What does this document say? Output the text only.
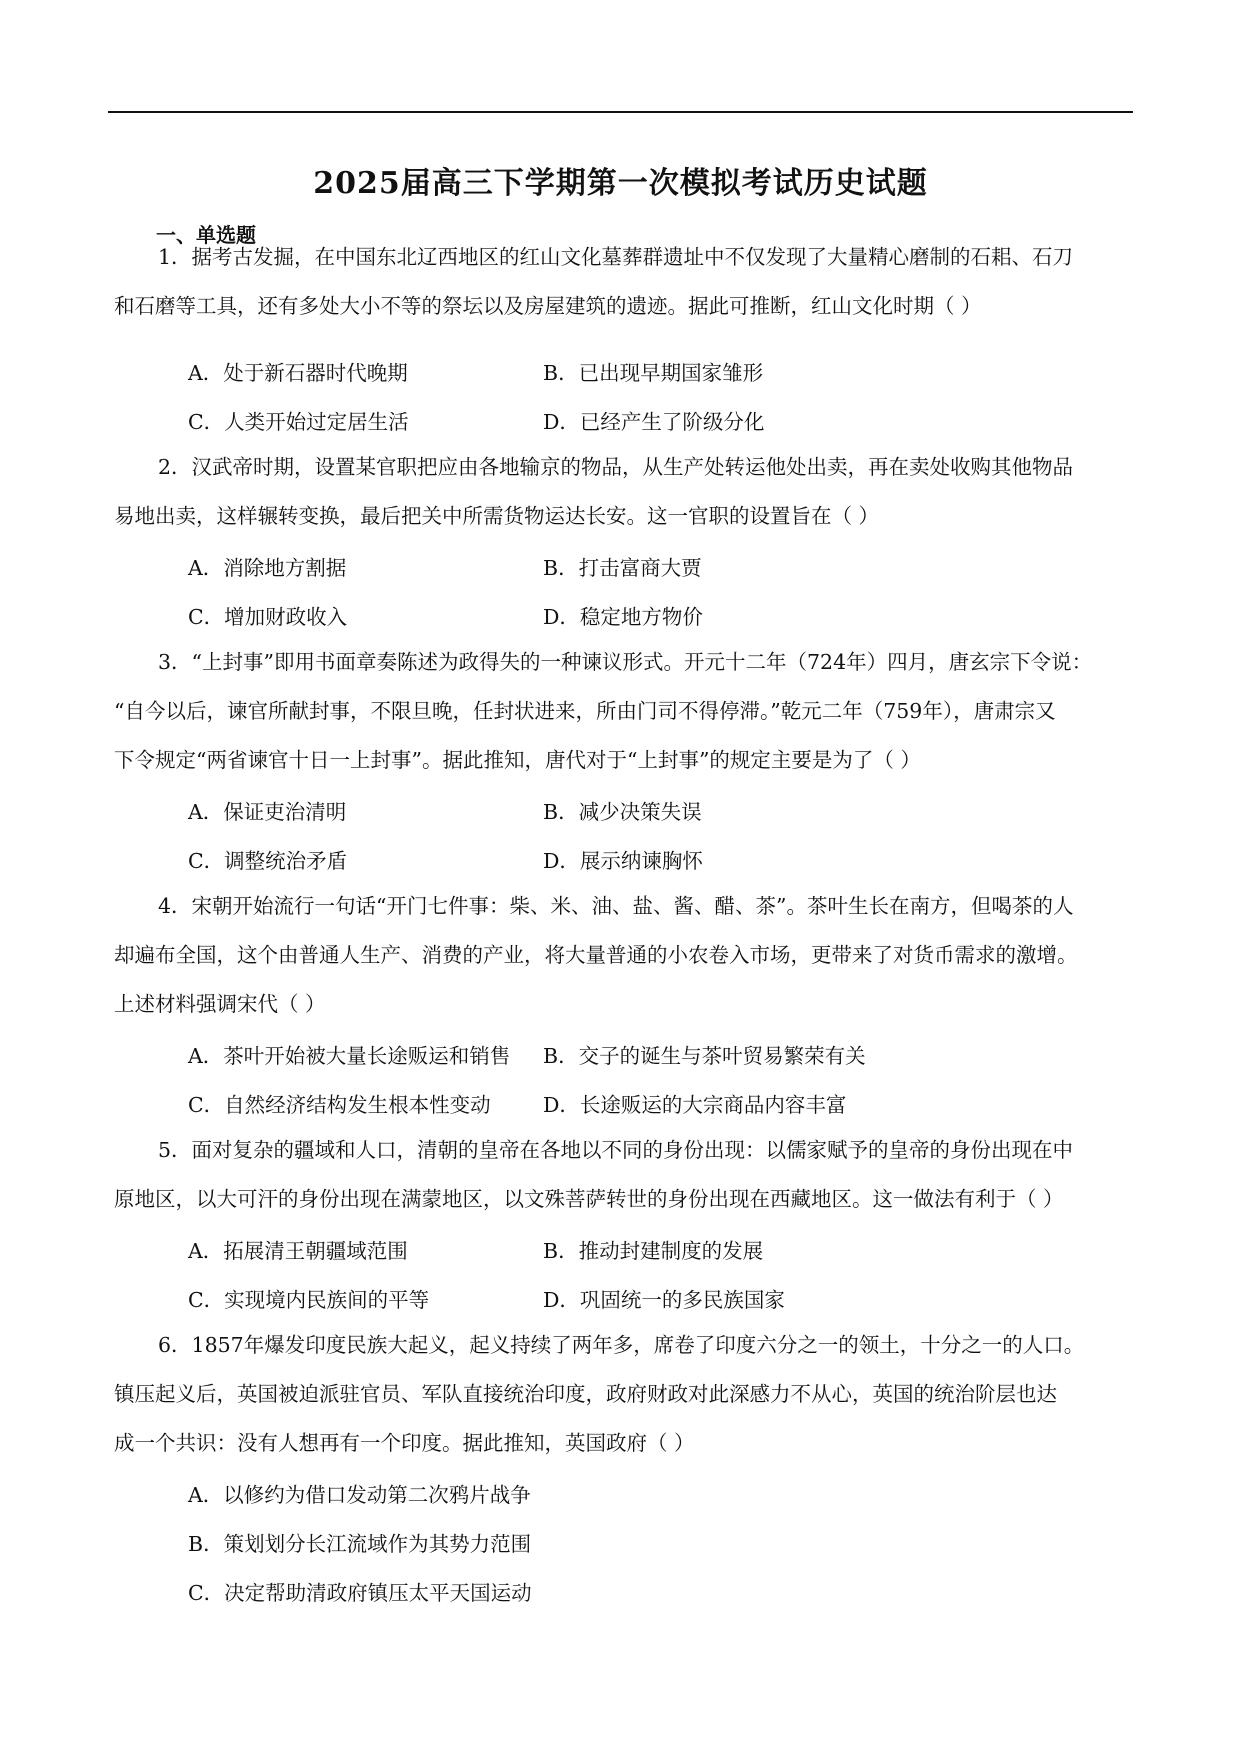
2025届高三下学期第一次模拟考试历史试题
一、单选题
1．据考古发掘，在中国东北辽西地区的红山文化墓葬群遗址中不仅发现了大量精心磨制的石耜、石刀
和石磨等工具，还有多处大小不等的祭坛以及房屋建筑的遗迹。据此可推断，红山文化时期（ ）
A．处于新石器时代晚期	B．已出现早期国家雏形
C．人类开始过定居生活	D．已经产生了阶级分化
2．汉武帝时期，设置某官职把应由各地输京的物品，从生产处转运他处出卖，再在卖处收购其他物品
易地出卖，这样辗转变换，最后把关中所需货物运达长安。这一官职的设置旨在（ ）
A．消除地方割据	B．打击富商大贾
C．增加财政收入	D．稳定地方物价
3．“上封事”即用书面章奏陈述为政得失的一种谏议形式。开元十二年（724年）四月，唐玄宗下令说：
“自今以后，谏官所献封事，不限旦晚，任封状进来，所由门司不得停滞。”乾元二年（759年），唐肃宗又
下令规定“两省谏官十日一上封事”。据此推知，唐代对于“上封事”的规定主要是为了（ ）
A．保证吏治清明	B．减少决策失误
C．调整统治矛盾	D．展示纳谏胸怀
4．宋朝开始流行一句话“开门七件事：柴、米、油、盐、酱、醋、茶”。茶叶生长在南方，但喝茶的人
却遍布全国，这个由普通人生产、消费的产业，将大量普通的小农卷入市场，更带来了对货币需求的激增。
上述材料强调宋代（ ）
A．茶叶开始被大量长途贩运和销售 B．交子的诞生与茶叶贸易繁荣有关
C．自然经济结构发生根本性变动	D．长途贩运的大宗商品内容丰富
5．面对复杂的疆域和人口，清朝的皇帝在各地以不同的身份出现：以儒家赋予的皇帝的身份出现在中
原地区，以大可汗的身份出现在满蒙地区，以文殊菩萨转世的身份出现在西藏地区。这一做法有利于（ ）
A．拓展清王朝疆域范围	B．推动封建制度的发展
C．实现境内民族间的平等	D．巩固统一的多民族国家
6．1857年爆发印度民族大起义，起义持续了两年多，席卷了印度六分之一的领土，十分之一的人口。
镇压起义后，英国被迫派驻官员、军队直接统治印度，政府财政对此深感力不从心，英国的统治阶层也达
成一个共识：没有人想再有一个印度。据此推知，英国政府（ ）
A．以修约为借口发动第二次鸦片战争
B．策划划分长江流域作为其势力范围
C．决定帮助清政府镇压太平天国运动
